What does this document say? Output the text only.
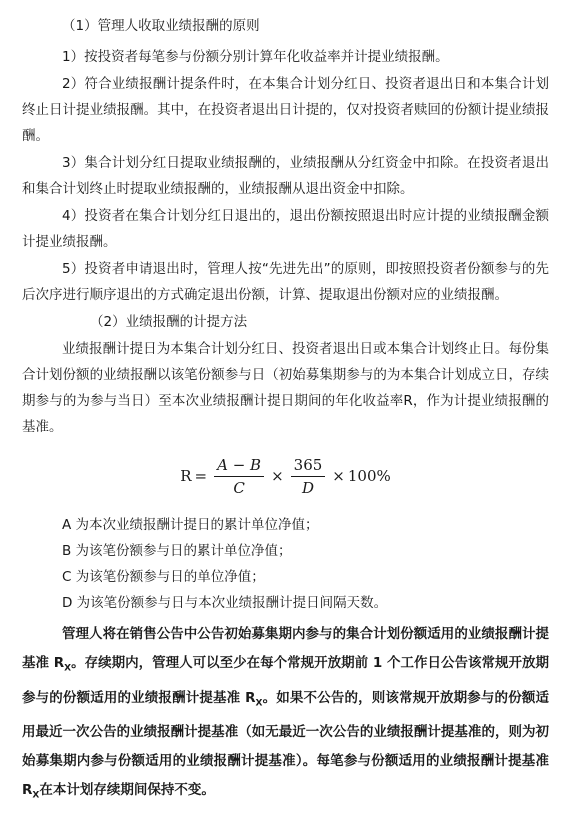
（1）管理人收取业绩报酬的原则

1）按投资者每笔参与份额分别计算年化收益率并计提业绩报酬。

2）符合业绩报酬计提条件时，在本集合计划分红日、投资者退出日和本集合计划终止日计提业绩报酬。其中，在投资者退出日计提的，仅对投资者赎回的份额计提业绩报酬。

3）集合计划分红日提取业绩报酬的，业绩报酬从分红资金中扣除。在投资者退出和集合计划终止时提取业绩报酬的，业绩报酬从退出资金中扣除。

4）投资者在集合计划分红日退出的，退出份额按照退出时应计提的业绩报酬金额计提业绩报酬。

5）投资者申请退出时，管理人按“先进先出”的原则，即按照投资者份额参与的先后次序进行顺序退出的方式确定退出份额，计算、提取退出份额对应的业绩报酬。

（2）业绩报酬的计提方法

业绩报酬计提日为本集合计划分红日、投资者退出日或本集合计划终止日。每份集合计划份额的业绩报酬以该笔份额参与日（初始募集期参与的为本集合计划成立日，存续期参与的为参与当日）至本次业绩报酬计提日期间的年化收益率R，作为计提业绩报酬的基准。

$R = \frac{A - B}{C} \times \frac{365}{D} \times 100\%$

A 为本次业绩报酬计提日的累计单位净值；

B 为该笔份额参与日的累计单位净值；

C 为该笔份额参与日的单位净值；

D 为该笔份额参与日与本次业绩报酬计提日间隔天数。

管理人将在销售公告中公告初始募集期内参与的集合计划份额适用的业绩报酬计提基准 $R_X$。存续期内，管理人可以至少在每个常规开放期前 1 个工作日公告该常规开放期参与的份额适用的业绩报酬计提基准 $R_X$。如果不公告的，则该常规开放期参与的份额适用最近一次公告的业绩报酬计提基准（如无最近一次公告的业绩报酬计提基准的，则为初始募集期内参与份额适用的业绩报酬计提基准）。每笔参与份额适用的业绩报酬计提基准 $R_X$在本计划存续期间保持不变。
